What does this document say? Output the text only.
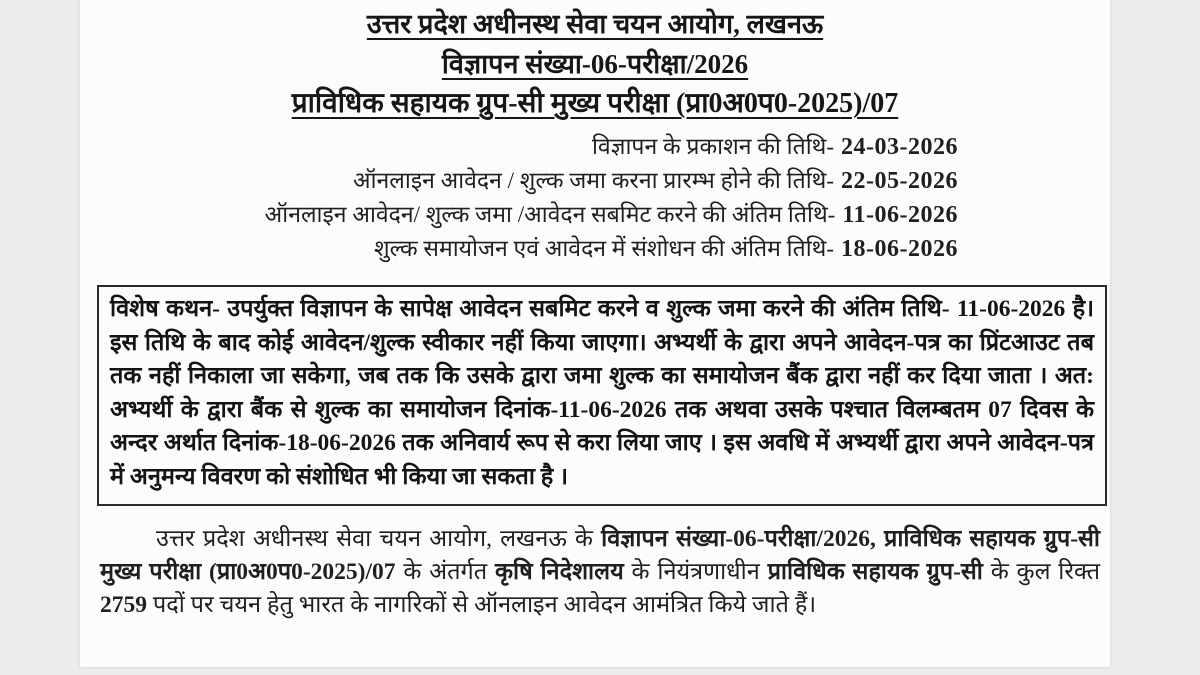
उत्तर प्रदेश अधीनस्थ सेवा चयन आयोग, लखनऊ
विज्ञापन संख्या-06-परीक्षा/2026
प्राविधिक सहायक ग्रुप-सी मुख्य परीक्षा (प्रा0अ0प0-2025)/07
विज्ञापन के प्रकाशन की तिथि- 24-03-2026
ऑनलाइन आवेदन / शुल्क जमा करना प्रारम्भ होने की तिथि- 22-05-2026
ऑनलाइन आवेदन/ शुल्क जमा /आवेदन सबमिट करने की अंतिम तिथि- 11-06-2026
शुल्क समायोजन एवं आवेदन में संशोधन की अंतिम तिथि- 18-06-2026
विशेष कथन- उपर्युक्त विज्ञापन के सापेक्ष आवेदन सबमिट करने व शुल्क जमा करने की अंतिम तिथि- 11-06-2026 है। इस तिथि के बाद कोई आवेदन/शुल्क स्वीकार नहीं किया जाएगा। अभ्यर्थी के द्वारा अपने आवेदन-पत्र का प्रिंटआउट तब तक नहीं निकाला जा सकेगा, जब तक कि उसके द्वारा जमा शुल्क का समायोजन बैंक द्वारा नहीं कर दिया जाता । अत: अभ्यर्थी के द्वारा बैंक से शुल्क का समायोजन दिनांक-11-06-2026 तक अथवा उसके पश्चात विलम्बतम 07 दिवस के अन्दर अर्थात दिनांक-18-06-2026 तक अनिवार्य रूप से करा लिया जाए । इस अवधि में अभ्यर्थी द्वारा अपने आवेदन-पत्र में अनुमन्य विवरण को संशोधित भी किया जा सकता है ।
उत्तर प्रदेश अधीनस्थ सेवा चयन आयोग, लखनऊ के विज्ञापन संख्या-06-परीक्षा/2026, प्राविधिक सहायक ग्रुप-सी मुख्य परीक्षा (प्रा0अ0प0-2025)/07 के अंतर्गत कृषि निदेशालय के नियंत्रणाधीन प्राविधिक सहायक ग्रुप-सी के कुल रिक्त 2759 पदों पर चयन हेतु भारत के नागरिकों से ऑनलाइन आवेदन आमंत्रित किये जाते हैं।
